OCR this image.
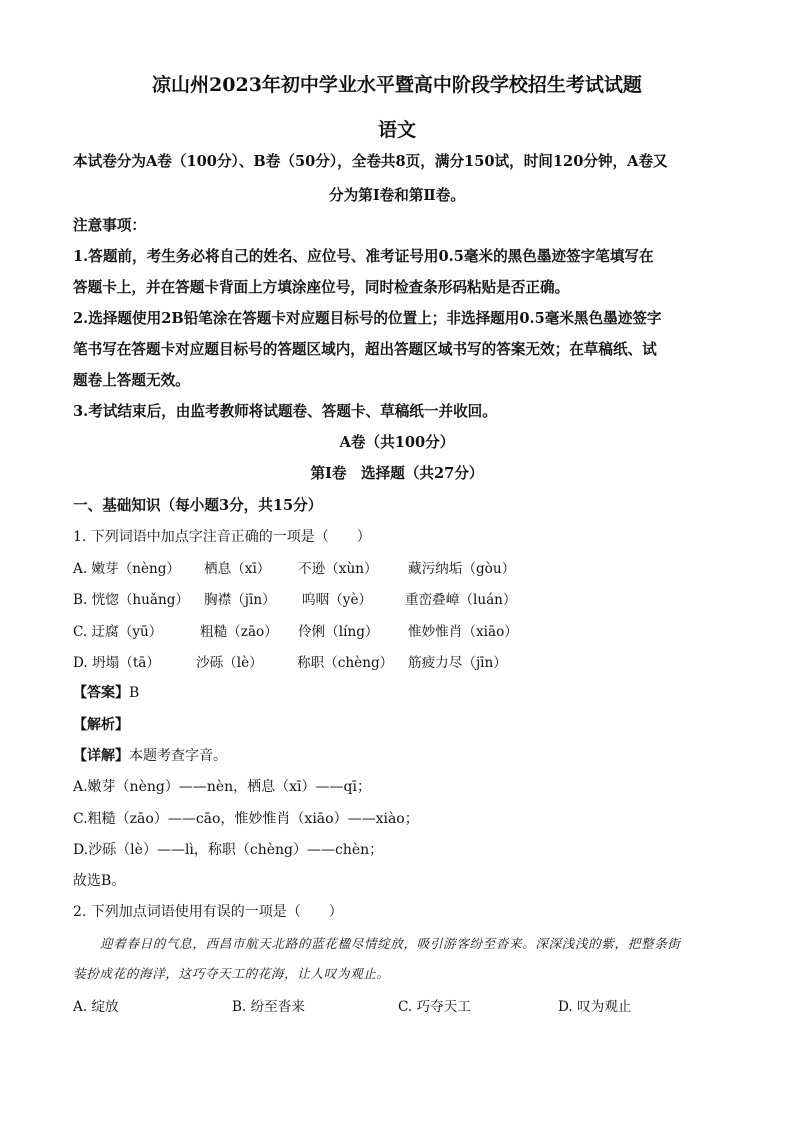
凉山州2023年初中学业水平暨高中阶段学校招生考试试题
语文
本试卷分为A卷（100分）、B卷（50分），全卷共8页，满分150试，时间120分钟，A卷又
分为第Ⅰ卷和第Ⅱ卷。
注意事项：
1.答题前，考生务必将自己的姓名、应位号、准考证号用0.5毫米的黑色墨迹签字笔填写在
答题卡上，并在答题卡背面上方填涂座位号，同时检查条形码粘贴是否正确。
2.选择题使用2B铅笔涂在答题卡对应题目标号的位置上；非选择题用0.5毫米黑色墨迹签字
笔书写在答题卡对应题目标号的答题区域内，超出答题区域书写的答案无效；在草稿纸、试
题卷上答题无效。
3.考试结束后，由监考教师将试题卷、答题卡、草稿纸一并收回。
A卷（共100分）
第Ⅰ卷　选择题（共27分）
一、基础知识（每小题3分，共15分）
1. 下列词语中加点字注音正确的一项是（　　）
A. 嫩芽（nèng） 栖息（xī） 不逊（xùn） 藏污纳垢（gòu）
B. 恍惚（huǎng） 胸襟（jīn） 呜咽（yè） 重峦叠嶂（luán）
C. 迂腐（yū）	粗糙（zāo） 伶俐（líng） 惟妙惟肖（xiāo）
D. 坍塌（tā）	沙砾（lè）	称职（chèng） 筋疲力尽（jīn）
【答案】B
【解析】
【详解】本题考查字音。
A.嫩芽（nèng）——nèn，栖息（xī）——qī；
C.粗糙（zāo）——cāo，惟妙惟肖（xiāo）——xiào；
D.沙砾（lè）——lì，称职（chèng）——chèn；
故选B。
2. 下列加点词语使用有误的一项是（　　）
迎着春日的气息，西昌市航天北路的蓝花楹尽情绽放，吸引游客纷至沓来。深深浅浅的紫，把整条街
装扮成花的海洋，这巧夺天工的花海，让人叹为观止。
A. 绽放	B. 纷至沓来	C. 巧夺天工	D. 叹为观止
